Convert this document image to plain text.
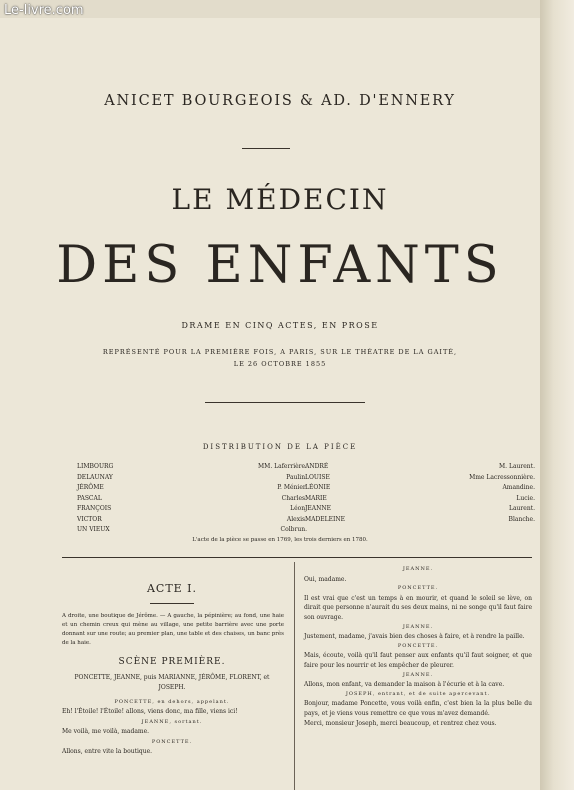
Le-livre.com
ANICET BOURGEOIS & AD. D'ENNERY
LE MÉDECIN
DES ENFANTS
DRAME EN CINQ ACTES, EN PROSE
REPRÉSENTÉ POUR LA PREMIÈRE FOIS, A PARIS, SUR LE THÉATRE DE LA GAITÉ,
LE 26 OCTOBRE 1855
DISTRIBUTION DE LA PIÈCE
LIMBOURG	MM. Laferrière.
DELAUNAY	Paulin.
JÉRÔME	P. Ménier.
PASCAL	Charles.
FRANÇOIS	Léon.
VICTOR	Alexis.
UN VIEUX	Colbrun.
ANDRÉ	M. Laurent.
LOUISE	Mme Lacressonnière.
LÉONIE	Amandine.
MARIE	Lucie.
JEANNE	Laurent.
MADELEINE	Blanche.
L'acte de la pièce se passe en 1769, les trois derniers en 1780.
ACTE I.
A droite, une boutique de Jérôme. — A gauche, la pépinière; au fond, une haie et un chemin creux qui mène au village, une petite barrière avec une porte donnant sur une route; au premier plan, une table et des chaises, un banc près de la haie.
SCÈNE PREMIÈRE.
PONCETTE, JEANNE, puis MARIANNE, JÉRÔME, FLORENT, et JOSEPH.
PONCETTE, en dehors, appelant.
Eh! l'Étoile! l'Étoile! allons, viens donc, ma fille, viens ici!
JEANNE, sortant.
Me voilà, me voilà, madame.
PONCETTE.
Allons, entre vite la boutique.
JEANNE.

Oui, madame.

PONCETTE.

Il est vrai que c'est un temps à en mourir, et quand le soleil se lève, on dirait que personne n'aurait du ses deux mains, ni ne songe qu'il faut faire son ouvrage.

JEANNE.

Justement, madame, j'avais bien des choses à faire, et à rendre la paille.

PONCETTE.

Mais, écoute, voilà qu'il faut penser aux enfants qu'il faut soigner, et que faire pour les nourrir et les empêcher de pleurer.

JEANNE.

Allons, mon enfant, va demander la maison à l'écurie et à la cave.

JOSEPH, entrant, et de suite apercevant.

Bonjour, madame Poncette, vous voilà enfin, c'est bien la la plus belle du pays, et je viens vous remettre ce que vous m'avez demandé.

Merci, monsieur Joseph, merci beaucoup, et rentrez chez vous.
